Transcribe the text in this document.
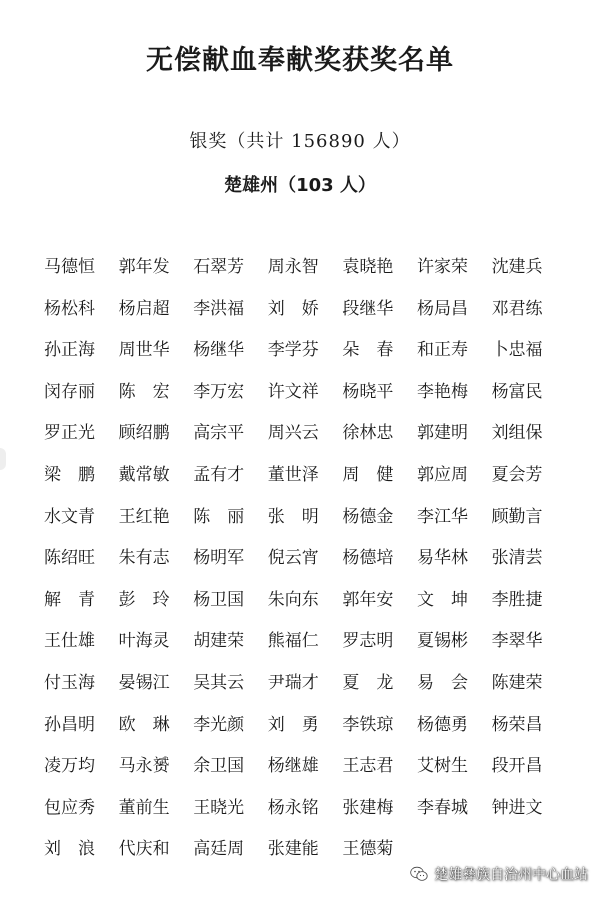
无偿献血奉献奖获奖名单
银奖（共计 156890 人）
楚雄州（103 人）
马德恒	郭年发	石翠芳	周永智	袁晓艳	许家荣	沈建兵
杨松科	杨启超	李洪福	刘 娇	段继华	杨局昌	邓君练
孙正海	周世华	杨继华	李学芬	朵 春	和正寿	卜忠福
闵存丽	陈 宏	李万宏	许文祥	杨晓平	李艳梅	杨富民
罗正光	顾绍鹏	高宗平	周兴云	徐林忠	郭建明	刘组保
梁 鹏	戴常敏	孟有才	董世泽	周 健	郭应周	夏会芳
水文青	王红艳	陈 丽	张 明	杨德金	李江华	顾勤言
陈绍旺	朱有志	杨明军	倪云宵	杨德培	易华林	张清芸
解 青	彭 玲	杨卫国	朱向东	郭年安	文 坤	李胜捷
王仕雄	叶海灵	胡建荣	熊福仁	罗志明	夏锡彬	李翠华
付玉海	晏锡江	吴其云	尹瑞才	夏 龙	易 会	陈建荣
孙昌明	欧 琳	李光颜	刘 勇	李铁琼	杨德勇	杨荣昌
凌万均	马永赟	余卫国	杨继雄	王志君	艾树生	段开昌
包应秀	董前生	王晓光	杨永铭	张建梅	李春城	钟进文
刘 浪	代庆和	高廷周	张建能	王德菊
楚雄彝族自治州中心血站
